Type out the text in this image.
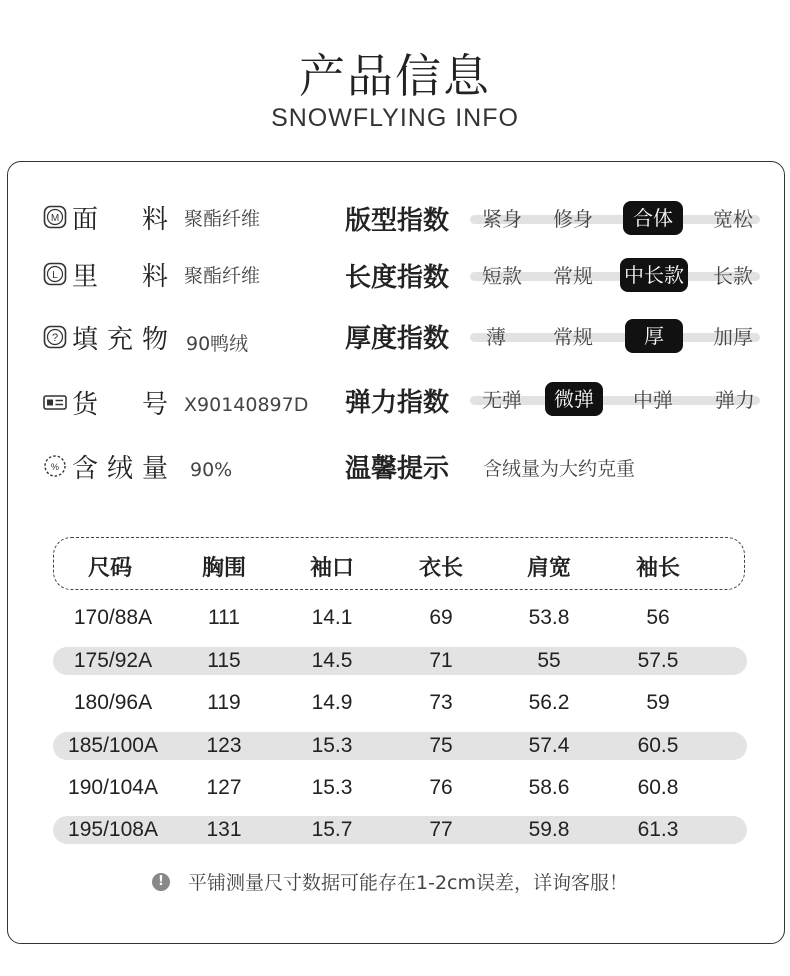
产品信息
SNOWFLYING INFO
M 面 料 聚酯纤维
L 里 料 聚酯纤维
? 填充物 90鸭绒
货 号 X90140897D
% 含绒量 90%
版型指数	紧身	修身	合体	宽松
长度指数	短款	常规	中长款	长款
厚度指数	薄	常规	厚	加厚
弹力指数	无弹	微弹	中弹	弹力
温馨提示 含绒量为大约克重
尺码	胸围	袖口	衣长	肩宽	袖长
170/88A	111	14.1	69	53.8	56
175/92A	115	14.5	71	55	57.5
180/96A	119	14.9	73	56.2	59
185/100A	123	15.3	75	57.4	60.5
190/104A	127	15.3	76	58.6	60.8
195/108A	131	15.7	77	59.8	61.3
!	平铺测量尺寸数据可能存在1-2cm误差，详询客服！
